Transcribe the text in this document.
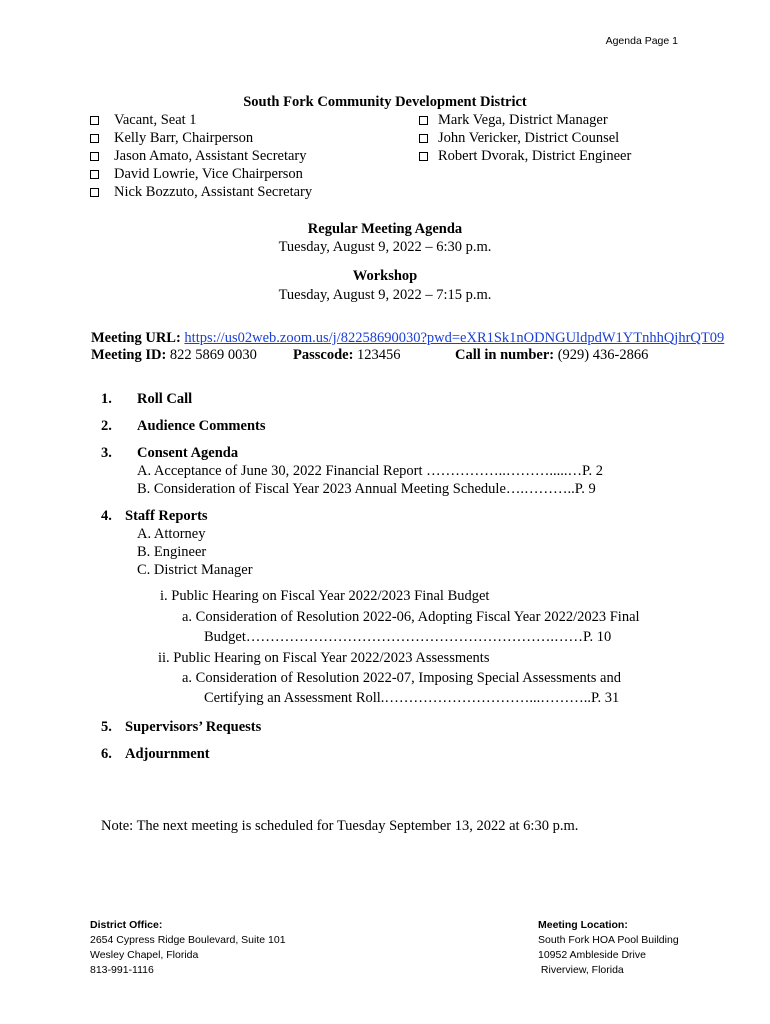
Agenda Page 1
South Fork Community Development District
Vacant, Seat 1
Kelly Barr, Chairperson
Jason Amato, Assistant Secretary
David Lowrie, Vice Chairperson
Nick Bozzuto, Assistant Secretary
Mark Vega, District Manager
John Vericker, District Counsel
Robert Dvorak, District Engineer
Regular Meeting Agenda
Tuesday, August 9, 2022 – 6:30 p.m.
Workshop
Tuesday, August 9, 2022 – 7:15 p.m.
Meeting URL: https://us02web.zoom.us/j/82258690030?pwd=eXR1Sk1nODNGUldpdW1YTnhhQjhrQT09
Meeting ID: 822 5869 0030 Passcode: 123456	Call in number: (929) 436-2866
1. Roll Call
2. Audience Comments
3. Consent Agenda
A. Acceptance of June 30, 2022 Financial Report ……………..……….....…P. 2
B. Consideration of Fiscal Year 2023 Annual Meeting Schedule….………..P. 9
4. Staff Reports
A. Attorney
B. Engineer
C. District Manager
i. Public Hearing on Fiscal Year 2022/2023 Final Budget
a. Consideration of Resolution 2022-06, Adopting Fiscal Year 2022/2023 Final
Budget……………………………………………………….……P. 10
ii. Public Hearing on Fiscal Year 2022/2023 Assessments
a. Consideration of Resolution 2022-07, Imposing Special Assessments and
Certifying an Assessment Roll.…………………………...………..P. 31
5. Supervisors’ Requests
6. Adjournment
Note: The next meeting is scheduled for Tuesday September 13, 2022 at 6:30 p.m.
District Office:
2654 Cypress Ridge Boulevard, Suite 101
Wesley Chapel, Florida
813-991-1116
Meeting Location:
South Fork HOA Pool Building
10952 Ambleside Drive
Riverview, Florida
